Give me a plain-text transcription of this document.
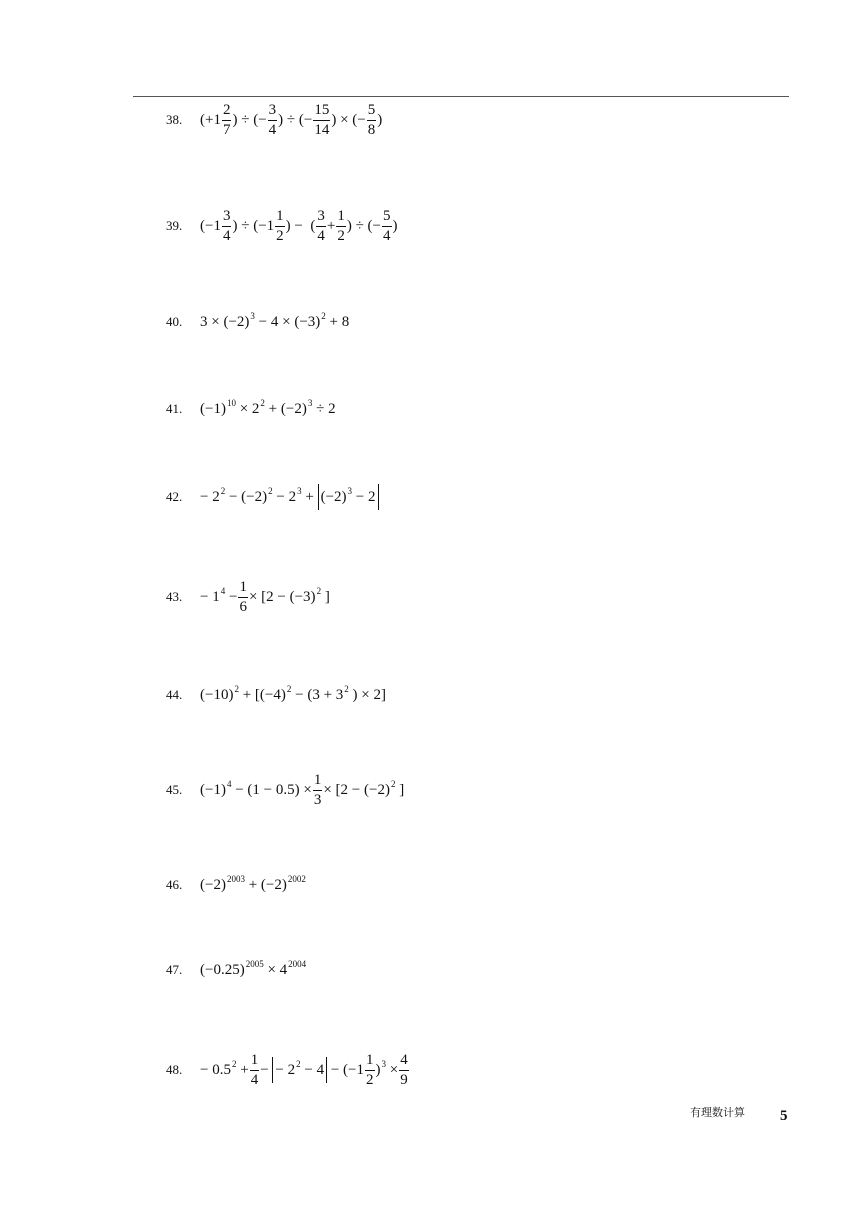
38.	($+1 \frac{2}{7}$ ) ÷ (− $\frac{3}{4}$ ) ÷ (− $\frac{15}{14}$ ) × (− $\frac{5}{8}$ )
39.	($-1 \frac{3}{4}$ ) ÷ ($-1 \frac{1}{2}$ ) −  ( $\frac{3}{4} + \frac{1}{2}$ ) ÷ (− $\frac{5}{4}$ )
40.	$3 \times (-2)^3 - 4 \times (-3)^2 + 8$
41.	$(-1)^{10} \times 2^2 + (-2)^3 \div 2$
42.	− $2^2 - (-2)^2 - 2^3 + (-2)^3 - 2$
43.	− $1^4 - \frac{1}{6} \times [2 - (-3)^2$ ]
44.	$(-10)^2 + [(-4)^2 - (3 + 3^2$ ) × 2]
45.	$(-1)^4 - (1 - 0.5) \times \frac{1}{3} \times [2 - (-2)^2$ ]
46.	$(-2)^{2003} + (-2)^{2002}$
47.	$(-0.25)^{2005} \times 4^{2004}$
48.	− $0.5^2 + \frac{1}{4}$ − − $2^2 - 4 - (-1 \frac{1}{2} )^3 \times \frac{4}{9}$
有理数计算 5
